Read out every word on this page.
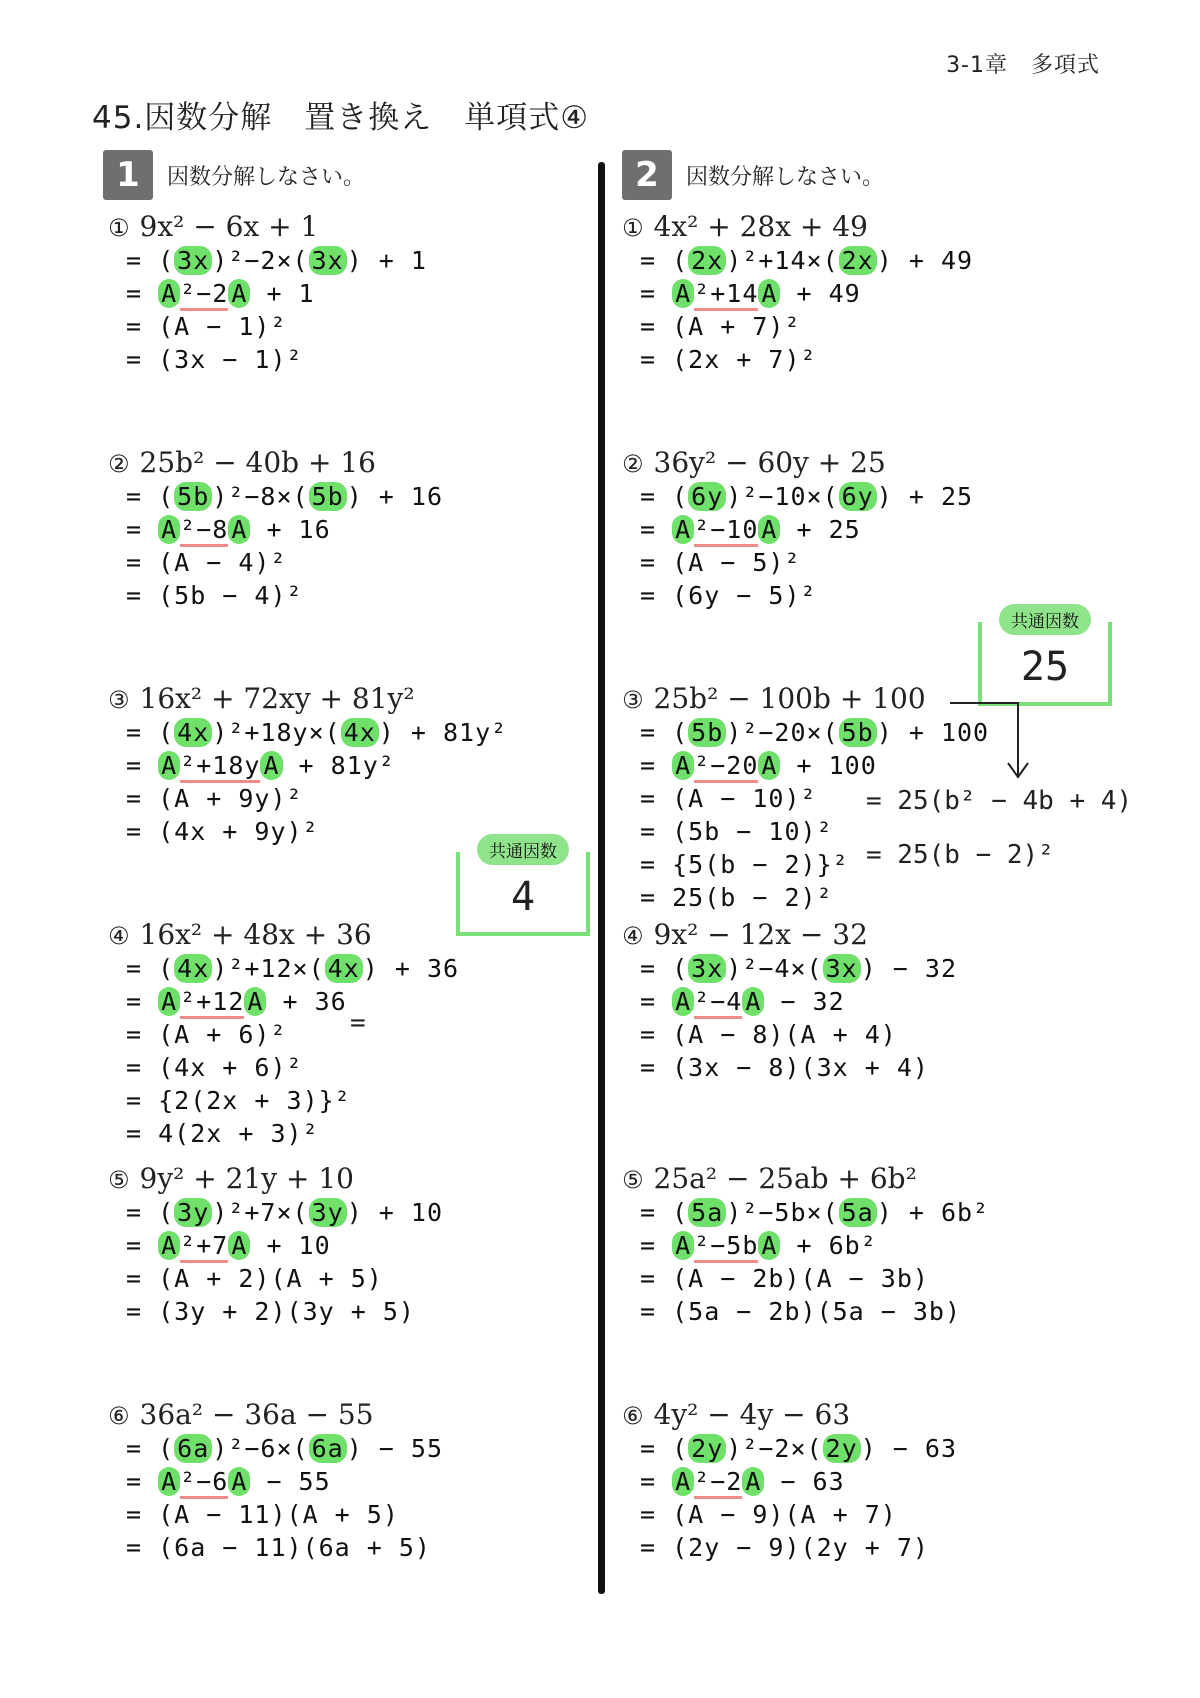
3-1章　多項式
45.因数分解　置き換え　単項式④
1	因数分解しなさい。	2	因数分解しなさい。
① 9x² − 6x + 1
= ( 3x )²−2×( 3x ) + 1
= A ²−2 A + 1
= (A − 1)²
= (3x − 1)²
② 25b² − 40b + 16
= ( 5b )²−8×( 5b ) + 16
= A ²−8 A + 16
= (A − 4)²
= (5b − 4)²
③ 16x² + 72xy + 81y²
= ( 4x )²+18y×( 4x ) + 81y²
= A ²+18y A + 81y²
= (A + 9y)²
= (4x + 9y)²
④ 16x² + 48x + 36
= ( 4x )²+12×( 4x ) + 36
= A ²+12 A + 36
= (A + 6)²
= (4x + 6)²
= {2(2x + 3)}²
= 4(2x + 3)²
⑤ 9y² + 21y + 10
= ( 3y )²+7×( 3y ) + 10
= A ²+7 A + 10
= (A + 2)(A + 5)
= (3y + 2)(3y + 5)
⑥ 36a² − 36a − 55
= ( 6a )²−6×( 6a ) − 55
= A ²−6 A − 55
= (A − 11)(A + 5)
= (6a − 11)(6a + 5)
① 4x² + 28x + 49
= ( 2x )²+14×( 2x ) + 49
= A ²+14 A + 49
= (A + 7)²
= (2x + 7)²
② 36y² − 60y + 25
= ( 6y )²−10×( 6y ) + 25
= A ²−10 A + 25
= (A − 5)²
= (6y − 5)²
③ 25b² − 100b + 100
= ( 5b )²−20×( 5b ) + 100
= A ²−20 A + 100
= (A − 10)²
= (5b − 10)²
= {5(b − 2)}²
= 25(b − 2)²
④ 9x² − 12x − 32
= ( 3x )²−4×( 3x ) − 32
= A ²−4 A − 32
= (A − 8)(A + 4)
= (3x − 8)(3x + 4)
⑤ 25a² − 25ab + 6b²
= ( 5a )²−5b×( 5a ) + 6b²
= A ²−5b A + 6b²
= (A − 2b)(A − 3b)
= (5a − 2b)(5a − 3b)
⑥ 4y² − 4y − 63
= ( 2y )²−2×( 2y ) − 63
= A ²−2 A − 63
= (A − 9)(A + 7)
= (2y − 9)(2y + 7)
共通因数
4
共通因数
25
=
= 25(b² − 4b + 4)
= 25(b − 2)²
